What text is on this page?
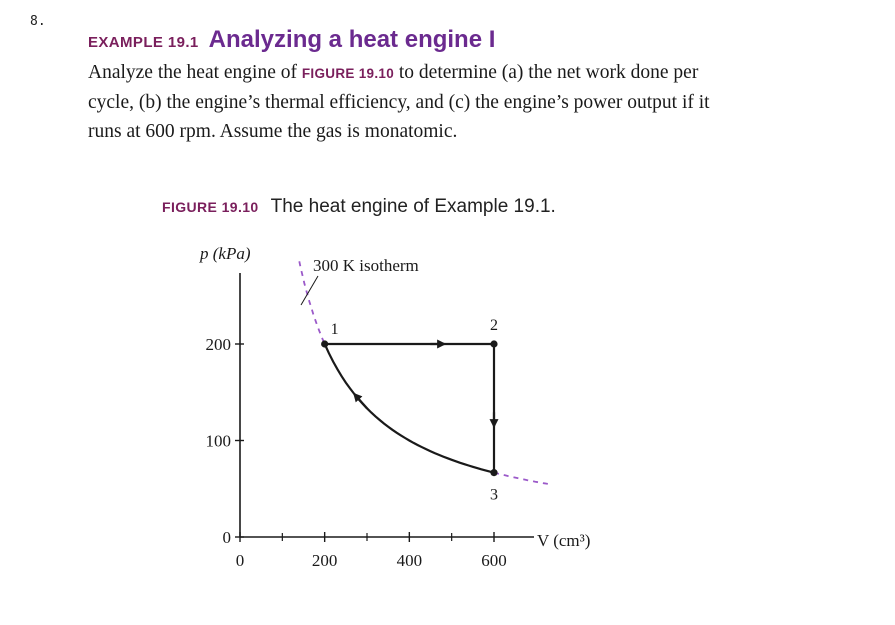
8.
EXAMPLE 19.1 Analyzing a heat engine I

Analyze the heat engine of FIGURE 19.10 to determine (a) the net work done per cycle, (b) the engine’s thermal efficiency, and (c) the engine’s power output if it runs at 600 rpm. Assume the gas is monatomic.

FIGURE 19.10 The heat engine of Example 19.1.
0	200	400	600
0
100
200
1	2
3
p (kPa)
V (cm³)
300 K isotherm
